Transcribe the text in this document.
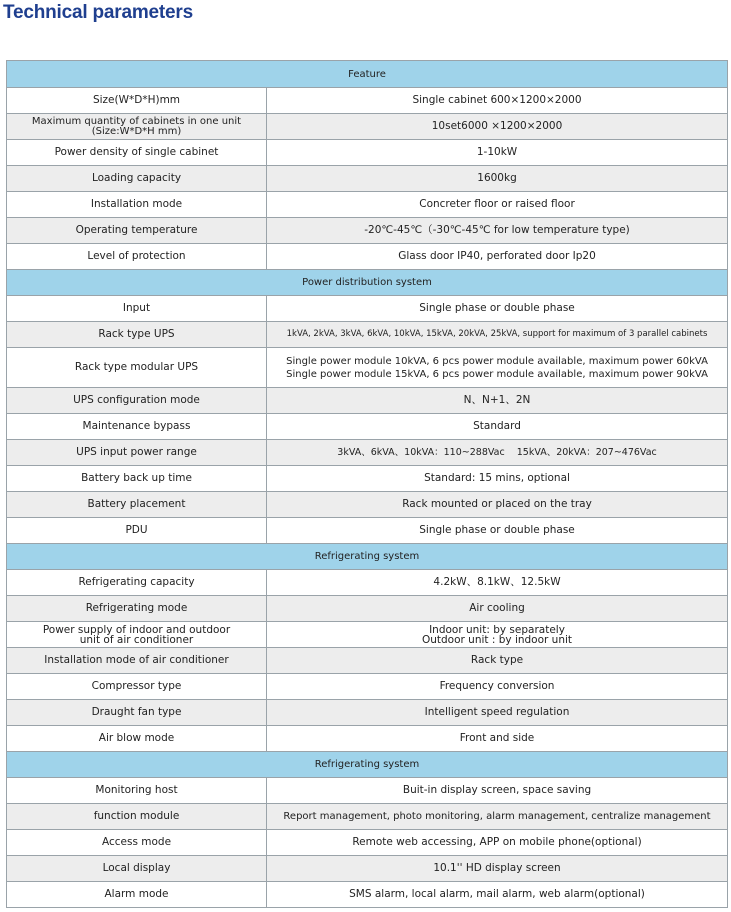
Technical parameters
Feature	
Size(W*D*H)mm	Single cabinet 600×1200×2000
Maximum quantity of cabinets in one unit
(Size:W*D*H mm)	10set6000 ×1200×2000
Power density of single cabinet	1-10kW
Loading capacity	1600kg
Installation mode	Concreter floor or raised floor
Operating temperature	-20℃-45℃（-30℃-45℃ for low temperature type)
Level of protection	Glass door IP40, perforated door Ip20
Power distribution system	
Input	Single phase or double phase
Rack type UPS	1kVA, 2kVA, 3kVA, 6kVA, 10kVA, 15kVA, 20kVA, 25kVA, support for maximum of 3 parallel cabinets
Rack type modular UPS	Single power module 10kVA, 6 pcs power module available, maximum power 60kVA
Single power module 15kVA, 6 pcs power module available, maximum power 90kVA
UPS configuration mode	N、N+1、2N
Maintenance bypass	Standard
UPS input power range	3kVA、6kVA、10kVA：110~288Vac    15kVA、20kVA：207~476Vac
Battery back up time	Standard: 15 mins, optional
Battery placement	Rack mounted or placed on the tray
PDU	Single phase or double phase
Refrigerating system	
Refrigerating capacity	4.2kW、8.1kW、12.5kW
Refrigerating mode	Air cooling
Power supply of indoor and outdoor
unit of air conditioner	Indoor unit: by separately
Outdoor unit : by indoor unit
Installation mode of air conditioner	Rack type
Compressor type	Frequency conversion
Draught fan type	Intelligent speed regulation
Air blow mode	Front and side
Refrigerating system	
Monitoring host	Buit-in display screen, space saving
function module	Report management, photo monitoring, alarm management, centralize management
Access mode	Remote web accessing, APP on mobile phone(optional)
Local display	10.1'' HD display screen
Alarm mode	SMS alarm, local alarm, mail alarm, web alarm(optional)
